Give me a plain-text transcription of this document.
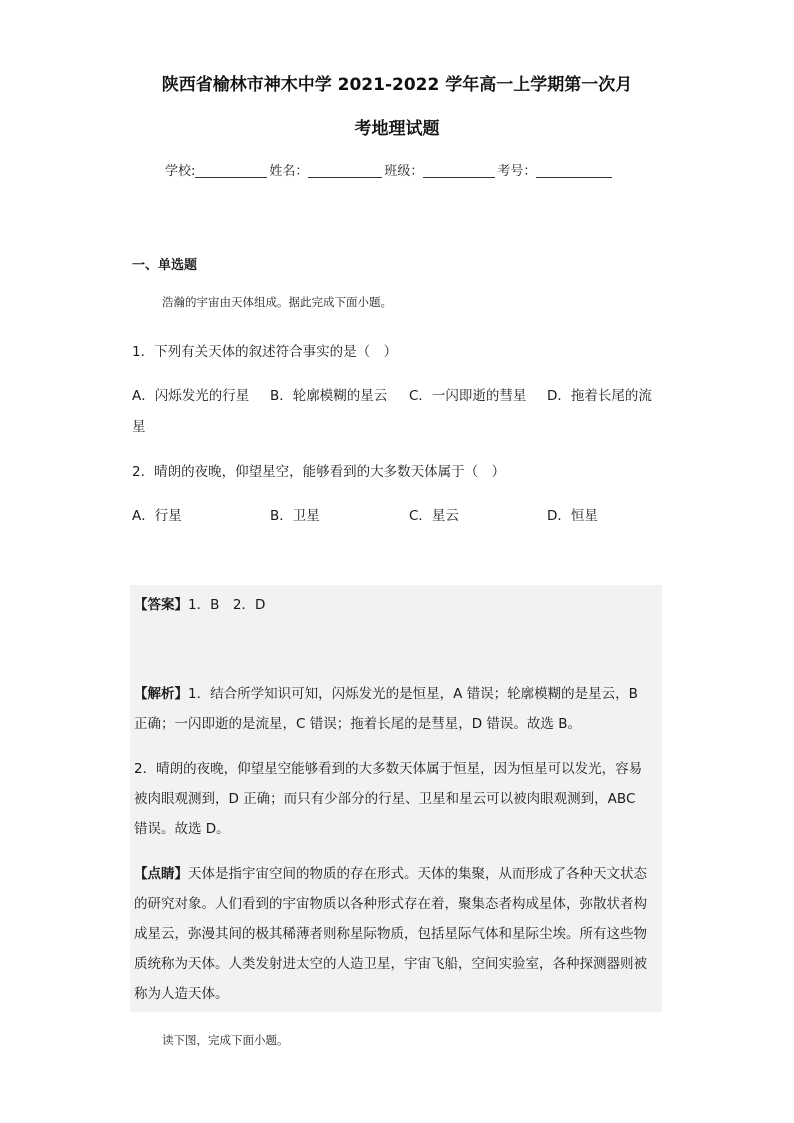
陕西省榆林市神木中学 2021-2022 学年高一上学期第一次月
考地理试题
学校:	姓名：	班级：	考号：
一、单选题
浩瀚的宇宙由天体组成。据此完成下面小题。
1．下列有关天体的叙述符合事实的是（　）
A．闪烁发光的行星 B．轮廓模糊的星云 C．一闪即逝的彗星 D．拖着长尾的流
星
2．晴朗的夜晚，仰望星空，能够看到的大多数天体属于（　）
A．行星	B．卫星	C．星云	D．恒星
【答案】1．B　2．D
【解析】1．结合所学知识可知，闪烁发光的是恒星，A 错误；轮廓模糊的是星云，B
正确；一闪即逝的是流星，C 错误；拖着长尾的是彗星，D 错误。故选 B。
2．晴朗的夜晚，仰望星空能够看到的大多数天体属于恒星，因为恒星可以发光，容易
被肉眼观测到，D 正确；而只有少部分的行星、卫星和星云可以被肉眼观测到，ABC
错误。故选 D。
【点睛】天体是指宇宙空间的物质的存在形式。天体的集聚，从而形成了各种天文状态
的研究对象。人们看到的宇宙物质以各种形式存在着，聚集态者构成星体，弥散状者构
成星云，弥漫其间的极其稀薄者则称星际物质，包括星际气体和星际尘埃。所有这些物
质统称为天体。人类发射进太空的人造卫星，宇宙飞船，空间实验室，各种探测器则被
称为人造天体。
读下图，完成下面小题。
